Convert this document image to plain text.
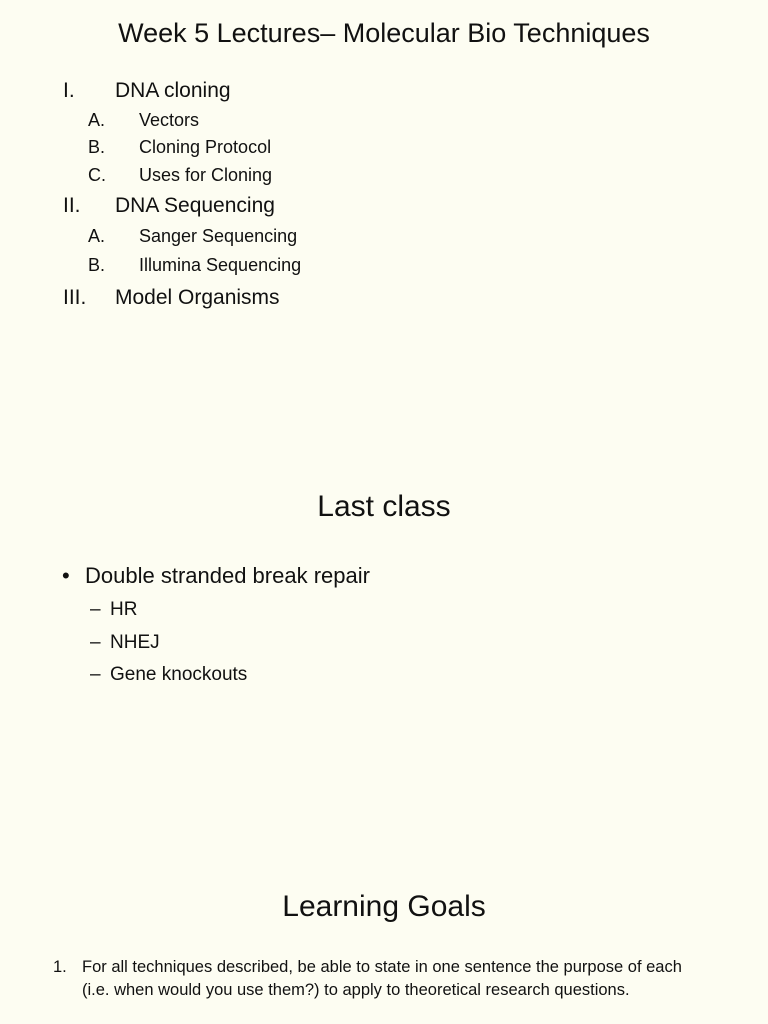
Week 5 Lectures– Molecular Bio Techniques
I. DNA cloning
A. Vectors
B. Cloning Protocol
C. Uses for Cloning
II. DNA Sequencing
A. Sanger Sequencing
B. Illumina Sequencing
III. Model Organisms
Last class
• Double stranded break repair
– HR
– NHEJ
– Gene knockouts
Learning Goals
1. For all techniques described, be able to state in one sentence the purpose of each (i.e. when would you use them?) to apply to theoretical research questions.
